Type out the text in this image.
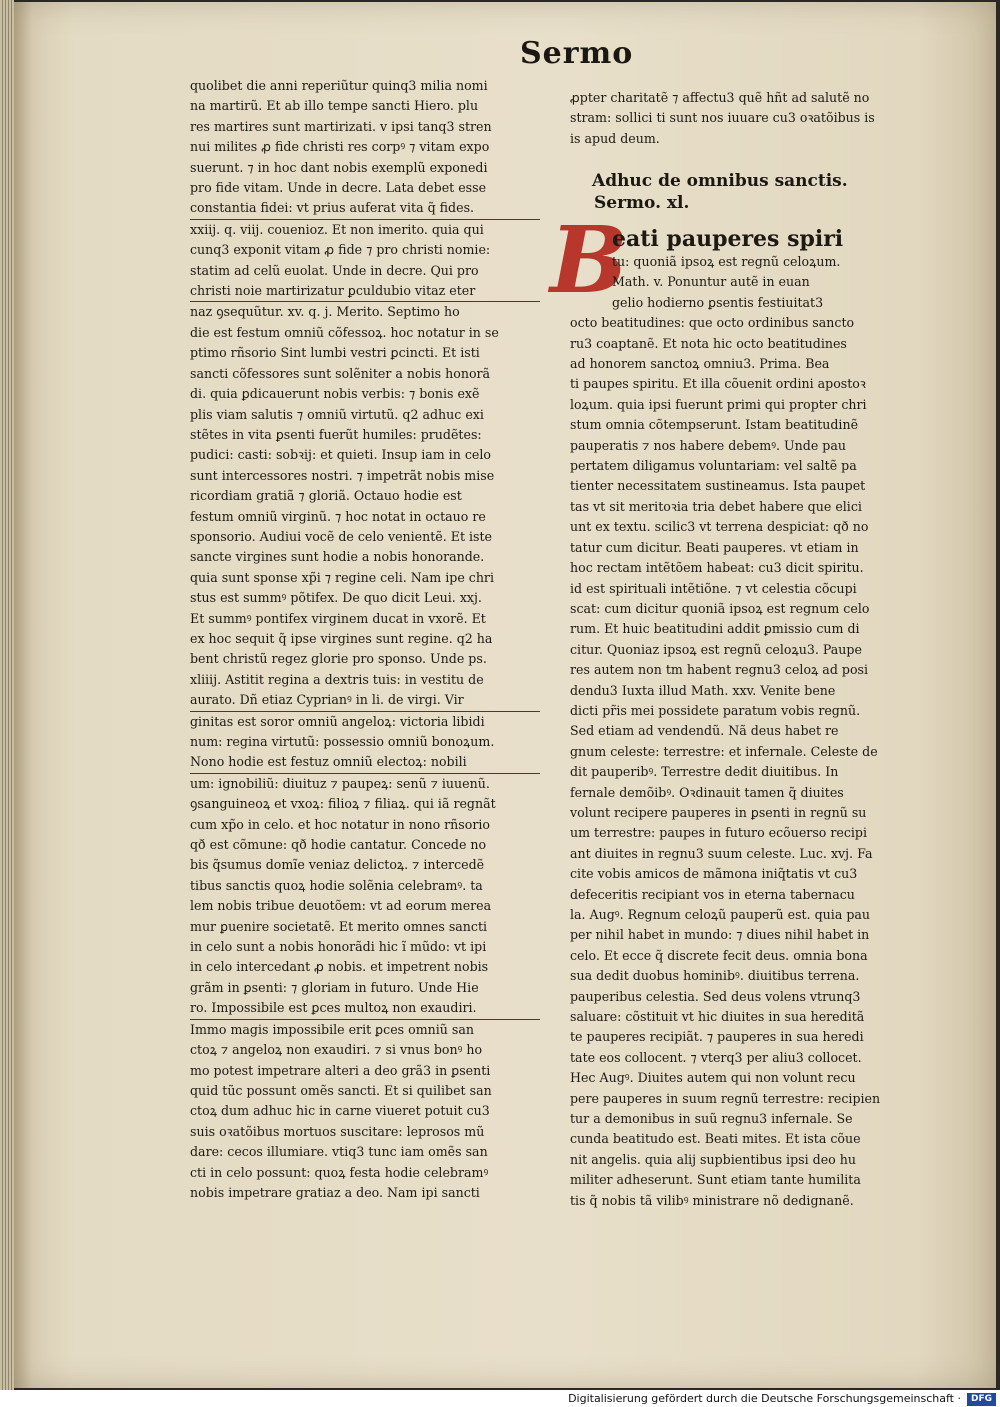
Sermo
quolibet die anni reperiũtur quinq3 milia nomi
na martirũ. Et ab illo tempe sancti Hiero. plu
res martires sunt martirizati. v ipsi tanq3 stren
nui milites ꝓ fide christi res corpꝰ ⁊ vitam expo
suerunt. ⁊ in hoc dant nobis exemplũ exponedi
pro fide vitam. Unde in decre. Lata debet esse
constantia fidei: vt prius auferat vita q̃ fides.
xxiij. q. viij. couenioz. Et non imerito. quia qui
cunq3 exponit vitam ꝓ fide ⁊ pro christi nomie:
statim ad celũ euolat. Unde in decre. Qui pro
christi noie martirizatur ꝑculdubio vitaz eter
naz ꝯsequũtur. xv. q. j. Merito. Septimo ho
die est festum omniũ cõfessoꝝ. hoc notatur in se
ptimo rñsorio Sint lumbi vestri ꝑcincti. Et isti
sancti cõfessores sunt solẽniter a nobis honorã
di. quia ꝑdicauerunt nobis verbis: ⁊ bonis exẽ
plis viam salutis ⁊ omniũ virtutũ. q2 adhuc exi
stẽtes in vita ꝑsenti fuerũt humiles: prudẽtes:
pudici: casti: sobꝛij: et quieti. Insup iam in celo
sunt intercessores nostri. ⁊ impetrãt nobis mise
ricordiam gratiã ⁊ gloriã. Octauo hodie est
festum omniũ virginũ. ⁊ hoc notat in octauo re
sponsorio. Audiui vocẽ de celo venientẽ. Et iste
sancte virgines sunt hodie a nobis honorande.
quia sunt sponse xp̃i ⁊ regine celi. Nam ipe chri
stus est summꝰ põtifex. De quo dicit Leui. xxj.
Et summꝰ pontifex virginem ducat in vxorẽ. Et
ex hoc sequit q̃ ipse virgines sunt regine. q2 ha
bent christũ regez glorie pro sponso. Unde ps.
xliiij. Astitit regina a dextris tuis: in vestitu de
aurato. Dñ etiaz Cyprianꝰ in li. de virgi. Vir
ginitas est soror omniũ angeloꝝ: victoria libidi
num: regina virtutũ: possessio omniũ bonoꝝum.
Nono hodie est festuz omniũ electoꝝ: nobili
um: ignobiliũ: diuituz ⁊ paupeꝝ: senũ ⁊ iuuenũ.
ꝯsanguineoꝝ et vxoꝝ: filioꝝ ⁊ filiaꝝ. qui iã regnãt
cum xp̃o in celo. et hoc notatur in nono rñsorio
qð est cõmune: qð hodie cantatur. Concede no
bis q̃sumus domĩe veniaz delictoꝝ. ⁊ intercedẽ
tibus sanctis quoꝝ hodie solẽnia celebramꝰ. ta
lem nobis tribue deuotõem: vt ad eorum merea
mur ꝑuenire societatẽ. Et merito omnes sancti
in celo sunt a nobis honorãdi hic ĩ mũdo: vt ipi
in celo intercedant ꝓ nobis. et impetrent nobis
grãm in ꝑsenti: ⁊ gloriam in futuro. Unde Hie
ro. Impossibile est ꝑces multoꝝ non exaudiri.
Immo magis impossibile erit ꝑces omniũ san
ctoꝝ ⁊ angeloꝝ non exaudiri. ⁊ si vnus bonꝰ ho
mo potest impetrare alteri a deo grã3 in ꝑsenti
quid tũc possunt omẽs sancti. Et si quilibet san
ctoꝝ dum adhuc hic in carne viueret potuit cu3
suis oꝛatõibus mortuos suscitare: leprosos mũ
dare: cecos illumiare. vtiq3 tunc iam omẽs san
cti in celo possunt: quoꝝ festa hodie celebramꝰ
nobis impetrare gratiaz a deo. Nam ipi sancti
ꝓpter charitatẽ ⁊ affectu3 quẽ hñt ad salutẽ no
stram: sollici ti sunt nos iuuare cu3 oꝛatõibus is
is apud deum.
Adhuc de omnibus sanctis.
Sermo. xl.
B
eati pauperes spiri
tu: quoniã ipsoꝝ est regnũ celoꝝum.
Math. v. Ponuntur autẽ in euan
gelio hodierno ꝑsentis festiuitat3
octo beatitudines: que octo ordinibus sancto
ru3 coaptanẽ. Et nota hic octo beatitudines
ad honorem sanctoꝝ omniu3. Prima. Bea
ti paupes spiritu. Et illa cõuenit ordini apostoꝛ
loꝝum. quia ipsi fuerunt primi qui propter chri
stum omnia cõtempserunt. Istam beatitudinẽ
pauperatis ⁊ nos habere debemꝰ. Unde pau
pertatem diligamus voluntariam: vel saltẽ pa
tienter necessitatem sustineamus. Ista paupet
tas vt sit meritoꝛia tria debet habere que elici
unt ex textu. scilic3 vt terrena despiciat: qð no
tatur cum dicitur. Beati pauperes. vt etiam in
hoc rectam intẽtõem habeat: cu3 dicit spiritu.
id est spirituali intẽtiõne. ⁊ vt celestia cõcupi
scat: cum dicitur quoniã ipsoꝝ est regnum celo
rum. Et huic beatitudini addit ꝑmissio cum di
citur. Quoniaz ipsoꝝ est regnũ celoꝝu3. Paupe
res autem non tm habent regnu3 celoꝝ ad posi
dendu3 Iuxta illud Math. xxv. Venite bene
dicti pr̃is mei possidete paratum vobis regnũ.
Sed etiam ad vendendũ. Nã deus habet re
gnum celeste: terrestre: et infernale. Celeste de
dit pauperibꝰ. Terrestre dedit diuitibus. In
fernale demõibꝰ. Oꝛdinauit tamen q̃ diuites
volunt recipere pauperes in ꝑsenti in regnũ su
um terrestre: paupes in futuro ecõuerso recipi
ant diuites in regnu3 suum celeste. Luc. xvj. Fa
cite vobis amicos de mãmona iniq̃tatis vt cu3
defeceritis recipiant vos in eterna tabernacu
la. Augꝰ. Regnum celoꝝũ pauperũ est. quia pau
per nihil habet in mundo: ⁊ diues nihil habet in
celo. Et ecce q̃ discrete fecit deus. omnia bona
sua dedit duobus hominibꝰ. diuitibus terrena.
pauperibus celestia. Sed deus volens vtrunq3
saluare: cõstituit vt hic diuites in sua hereditã
te pauperes recipiãt. ⁊ pauperes in sua heredi
tate eos collocent. ⁊ vterq3 per aliu3 collocet.
Hec Augꝰ. Diuites autem qui non volunt recu
pere pauperes in suum regnũ terrestre: recipien
tur a demonibus in suũ regnu3 infernale. Se
cunda beatitudo est. Beati mites. Et ista cõue
nit angelis. quia alij supbientibus ipsi deo hu
militer adheserunt. Sunt etiam tante humilita
tis q̃ nobis tã vilibꝰ ministrare nõ dedignanẽ.
Digitalisierung gefördert durch die Deutsche Forschungsgemeinschaft · DFG
